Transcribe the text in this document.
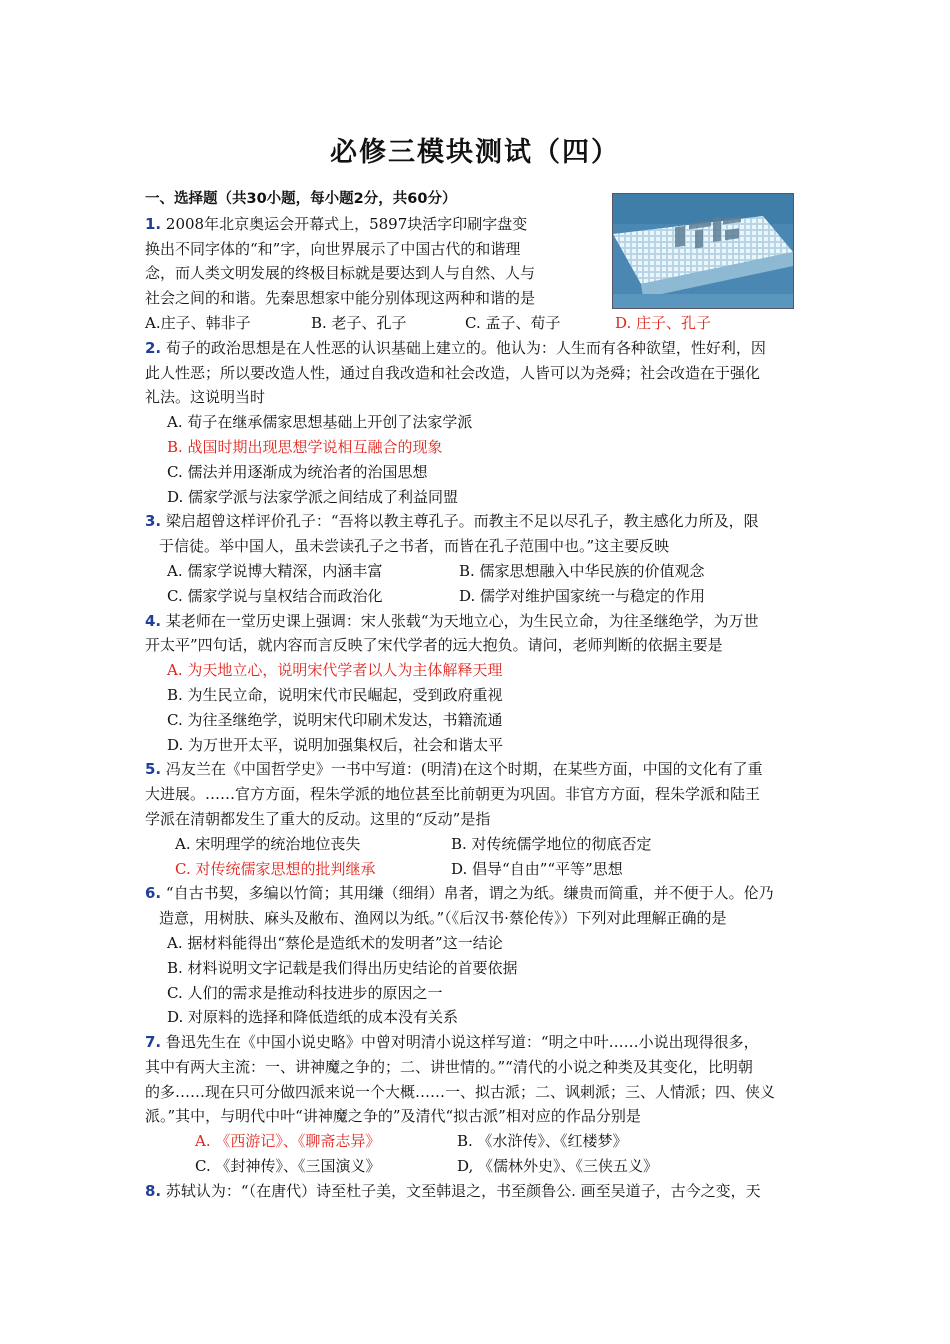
必修三模块测试（四）
一、选择题（共30小题，每小题2分，共60分）
1. 2008年北京奥运会开幕式上，5897块活字印刷字盘变
换出不同字体的“和”字，向世界展示了中国古代的和谐理
念，而人类文明发展的终极目标就是要达到人与自然、人与
社会之间的和谐。先秦思想家中能分别体现这两种和谐的是
A.庄子、韩非子	B. 老子、孔子	C. 孟子、荀子	D. 庄子、孔子
2. 荀子的政治思想是在人性恶的认识基础上建立的。他认为：人生而有各种欲望，性好利，因
此人性恶；所以要改造人性，通过自我改造和社会改造，人皆可以为尧舜；社会改造在于强化
礼法。这说明当时
A. 荀子在继承儒家思想基础上开创了法家学派
B. 战国时期出现思想学说相互融合的现象
C. 儒法并用逐渐成为统治者的治国思想
D. 儒家学派与法家学派之间结成了利益同盟
3. 梁启超曾这样评价孔子：“吾将以教主尊孔子。而教主不足以尽孔子，教主感化力所及，限
于信徒。举中国人，虽未尝读孔子之书者，而皆在孔子范围中也。”这主要反映
A. 儒家学说博大精深，内涵丰富	B. 儒家思想融入中华民族的价值观念
C. 儒家学说与皇权结合而政治化	D. 儒学对维护国家统一与稳定的作用
4. 某老师在一堂历史课上强调：宋人张载“为天地立心，为生民立命，为往圣继绝学，为万世
开太平”四句话，就内容而言反映了宋代学者的远大抱负。请问，老师判断的依据主要是
A. 为天地立心，说明宋代学者以人为主体解释天理
B. 为生民立命，说明宋代市民崛起，受到政府重视
C. 为往圣继绝学，说明宋代印刷术发达，书籍流通
D. 为万世开太平，说明加强集权后，社会和谐太平
5. 冯友兰在《中国哲学史》一书中写道：(明清)在这个时期，在某些方面，中国的文化有了重
大进展。……官方方面，程朱学派的地位甚至比前朝更为巩固。非官方方面，程朱学派和陆王
学派在清朝都发生了重大的反动。这里的“反动”是指
A. 宋明理学的统治地位丧失	B. 对传统儒学地位的彻底否定
C. 对传统儒家思想的批判继承	D. 倡导“自由”“平等”思想
6. “自古书契，多编以竹简；其用缣（细绢）帛者，谓之为纸。缣贵而简重，并不便于人。伦乃
造意，用树肤、麻头及敝布、渔网以为纸。”（《后汉书·蔡伦传》）下列对此理解正确的是
A. 据材料能得出“蔡伦是造纸术的发明者”这一结论
B. 材料说明文字记载是我们得出历史结论的首要依据
C. 人们的需求是推动科技进步的原因之一
D. 对原料的选择和降低造纸的成本没有关系
7. 鲁迅先生在《中国小说史略》中曾对明清小说这样写道：“明之中叶……小说出现得很多，
其中有两大主流：一、讲神魔之争的；二、讲世情的。”“清代的小说之种类及其变化，比明朝
的多……现在只可分做四派来说一个大概……一、拟古派；二、讽刺派；三、人情派；四、侠义
派。”其中，与明代中叶“讲神魔之争的”及清代“拟古派”相对应的作品分别是
A. 《西游记》、《聊斋志异》	B. 《水浒传》、《红楼梦》
C. 《封神传》、《三国演义》	D, 《儒林外史》、《三侠五义》
8. 苏轼认为：“（在唐代）诗至杜子美，文至韩退之，书至颜鲁公. 画至吴道子，古今之变，天
